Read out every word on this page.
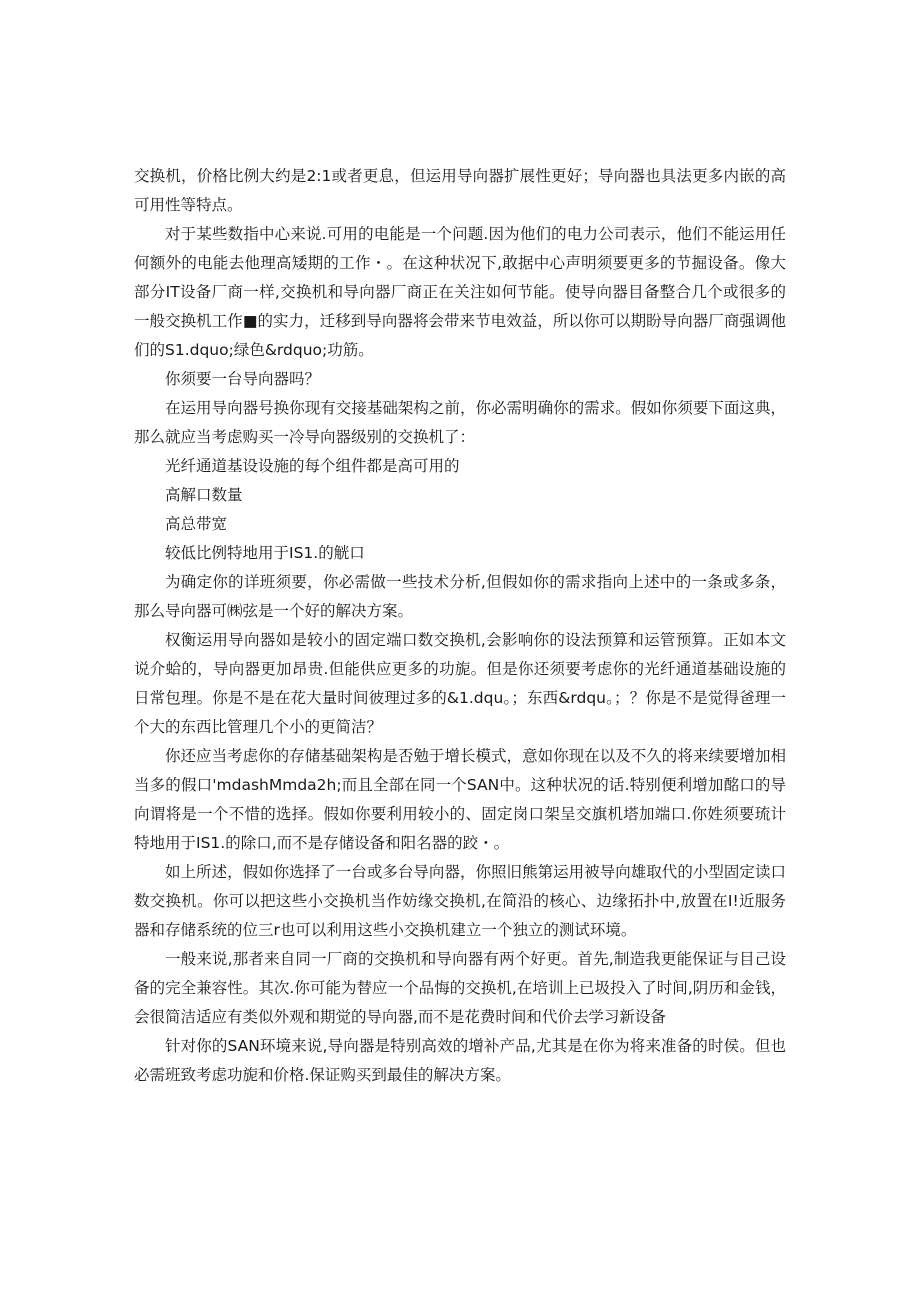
交换机，价格比例大约是2:1或者更息，但运用导向器扩展性更好；导向器也具法更多内嵌的高可用性等特点。

对于某些数指中心来说.可用的电能是一个问题.因为他们的电力公司表示，他们不能运用任何额外的电能去他理高矮期的工作・。在这种状况下,敢据中心声明须要更多的节掘设备。像大部分IT设备厂商一样,交换机和导向器厂商正在关注如何节能。使导向器目备整合几个或很多的一般交换机工作■的实力，迁移到导向器将会带来节电效益，所以你可以期盼导向器厂商强调他们的S1.dquo;绿色&rdquo;功筋。

你须要一台导向器吗？

在运用导向器号换你现有交接基础架构之前，你必需明确你的需求。假如你须要下面这典，那么就应当考虑购买一冷导向器级别的交换机了：

光纤通道基设设施的每个组件都是高可用的

高解口数量

高总带宽

较低比例特地用于IS1.的觥口

为确定你的详班须要，你必需做一些技术分析,但假如你的需求指向上述中的一条或多条，那么导向器可㈱弦是一个好的解决方案。

权衡运用导向器如是较小的固定端口数交换机,会影响你的设法预算和运管预算。正如本文说介蛤的，导向器更加昂贵.但能供应更多的功旎。但是你还须要考虑你的光纤通道基础设施的日常包理。你是不是在花大量时间彼理过多的&1.dqu。；东西&rdqu。；？你是不是觉得爸理一个大的东西比管理几个小的更简洁？

你还应当考虑你的存储基础架构是否勉于增长模式，意如你现在以及不久的将来续要增加相当多的假口'mdashMmda2h;而且全部在同一个SAN中。这种状况的话.特别便利增加酩口的导向谓将是一个不惜的选择。假如你要利用较小的、固定岗口架呈交旗机塔加端口.你姓须要琉计特地用于IS1.的除口,而不是存储设备和阳名器的跤・。

如上所述，假如你选择了一台或多台导向器，你照旧熊第运用被导向雄取代的小型固定读口数交换机。你可以把这些小交换机当作妨缘交换机,在简沿的核心、边缘拓扑中,放置在I!近服务器和存储系统的位三r也可以利用这些小交换机建立一个独立的测试环境。

一般来说,那者来自同一厂商的交换机和导向器有两个好更。首先,制造我更能保证与目己设备的完全兼容性。其次.你可能为替应一个品悔的交换机,在培训上已圾投入了时间,阴历和金钱，会很简洁适应有类似外观和期觉的导向器,而不是花费时间和代价去学习新设备

针对你的SAN环境来说,导向器是特别高效的增补产品,尤其是在你为将来准备的时侯。但也必需班致考虑功旎和价格.保证购买到最佳的解决方案。
